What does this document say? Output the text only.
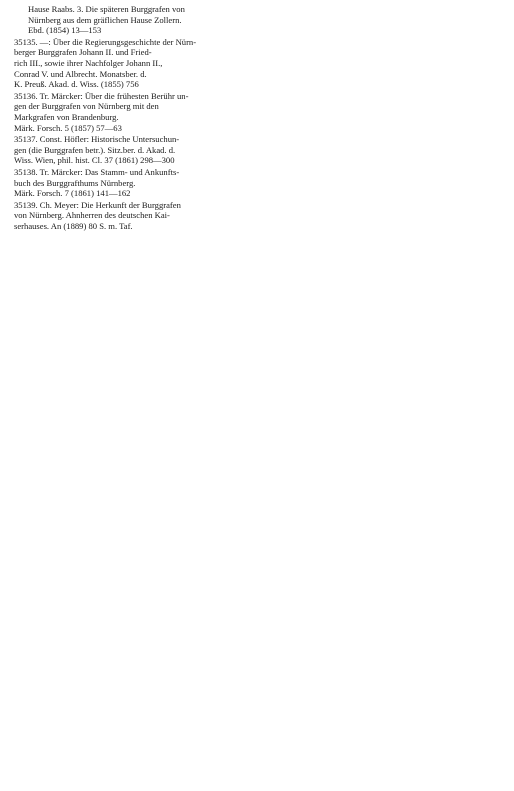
Hause Raabs. 3. Die späteren Burggrafen von
Nürnberg aus dem gräflichen Hause Zollern.
Ebd. (1854) 13—153
35135. —: Über die Regierungsgeschichte der Nürn-
berger Burggrafen Johann II. und Fried-
rich III., sowie ihrer Nachfolger Johann II.,
Conrad V. und Albrecht. Monatsber. d.
K. Preuß. Akad. d. Wiss. (1855) 756
35136. Tr. Märcker: Über die frühesten Berühr un-
gen der Burggrafen von Nürnberg mit den
Markgrafen von Brandenburg.
Märk. Forsch. 5 (1857) 57—63
35137. Const. Höfler: Historische Untersuchun-
gen (die Burggrafen betr.). Sitz.ber. d. Akad. d.
Wiss. Wien, phil. hist. Cl. 37 (1861) 298—300
35138. Tr. Märcker: Das Stamm- und Ankunfts-
buch des Burggrafthums Nürnberg.
Märk. Forsch. 7 (1861) 141—162
35139. Ch. Meyer: Die Herkunft der Burggrafen
von Nürnberg. Ahnherren des deutschen Kai-
serhauses. An (1889) 80 S. m. Taf.
